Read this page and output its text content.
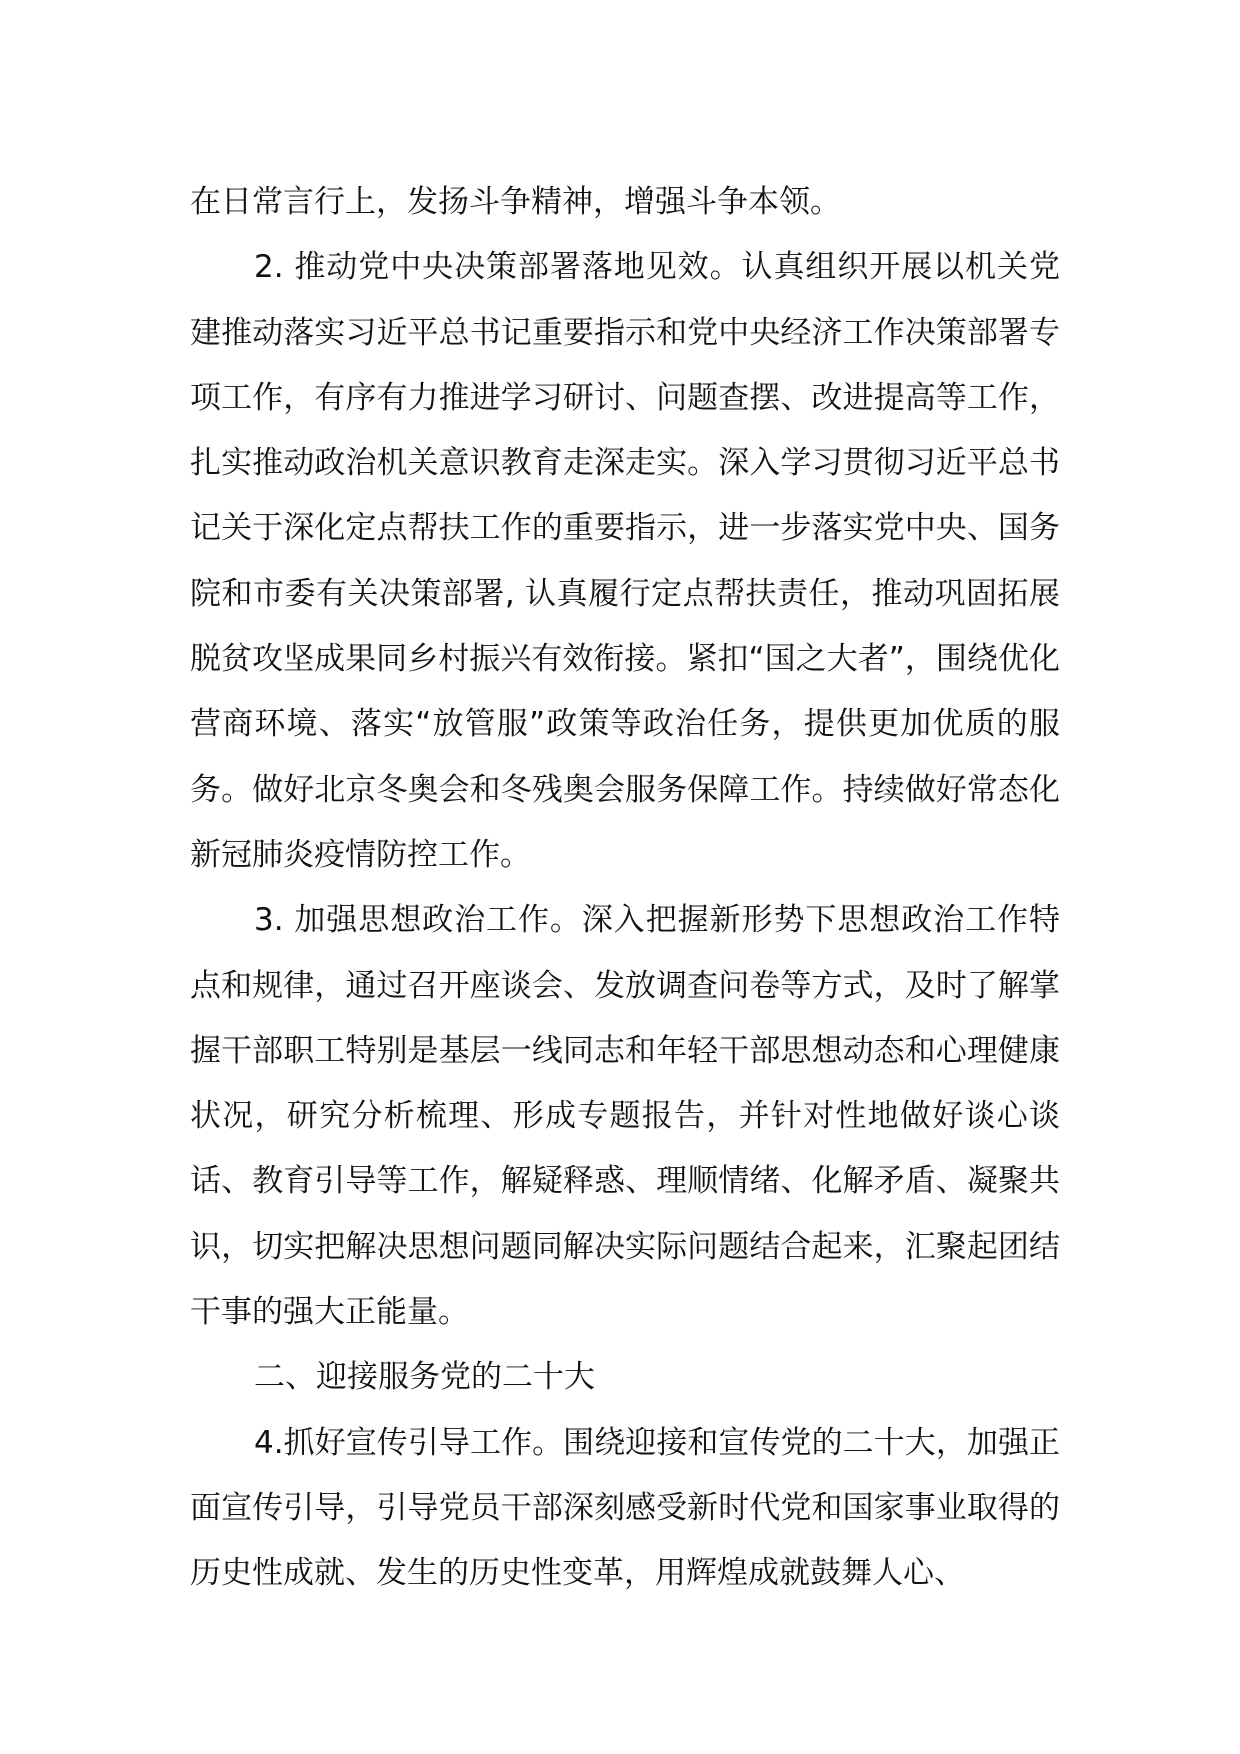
在日常言行上，发扬斗争精神，增强斗争本领。

2. 推动党中央决策部署落地见效。认真组织开展以机关党建推动落实习近平总书记重要指示和党中央经济工作决策部署专项工作，有序有力推进学习研讨、问题查摆、改进提高等工作，扎实推动政治机关意识教育走深走实。深入学习贯彻习近平总书记关于深化定点帮扶工作的重要指示，进一步落实党中央、国务院和市委有关决策部署, 认真履行定点帮扶责任，推动巩固拓展脱贫攻坚成果同乡村振兴有效衔接。紧扣“国之大者”，围绕优化营商环境、落实“放管服”政策等政治任务，提供更加优质的服务。做好北京冬奥会和冬残奥会服务保障工作。持续做好常态化新冠肺炎疫情防控工作。

3. 加强思想政治工作。深入把握新形势下思想政治工作特点和规律，通过召开座谈会、发放调查问卷等方式，及时了解掌握干部职工特别是基层一线同志和年轻干部思想动态和心理健康状况，研究分析梳理、形成专题报告，并针对性地做好谈心谈话、教育引导等工作，解疑释惑、理顺情绪、化解矛盾、凝聚共识，切实把解决思想问题同解决实际问题结合起来，汇聚起团结干事的强大正能量。

二、迎接服务党的二十大

4.抓好宣传引导工作。围绕迎接和宣传党的二十大，加强正面宣传引导，引导党员干部深刻感受新时代党和国家事业取得的历史性成就、发生的历史性变革，用辉煌成就鼓舞人心、
